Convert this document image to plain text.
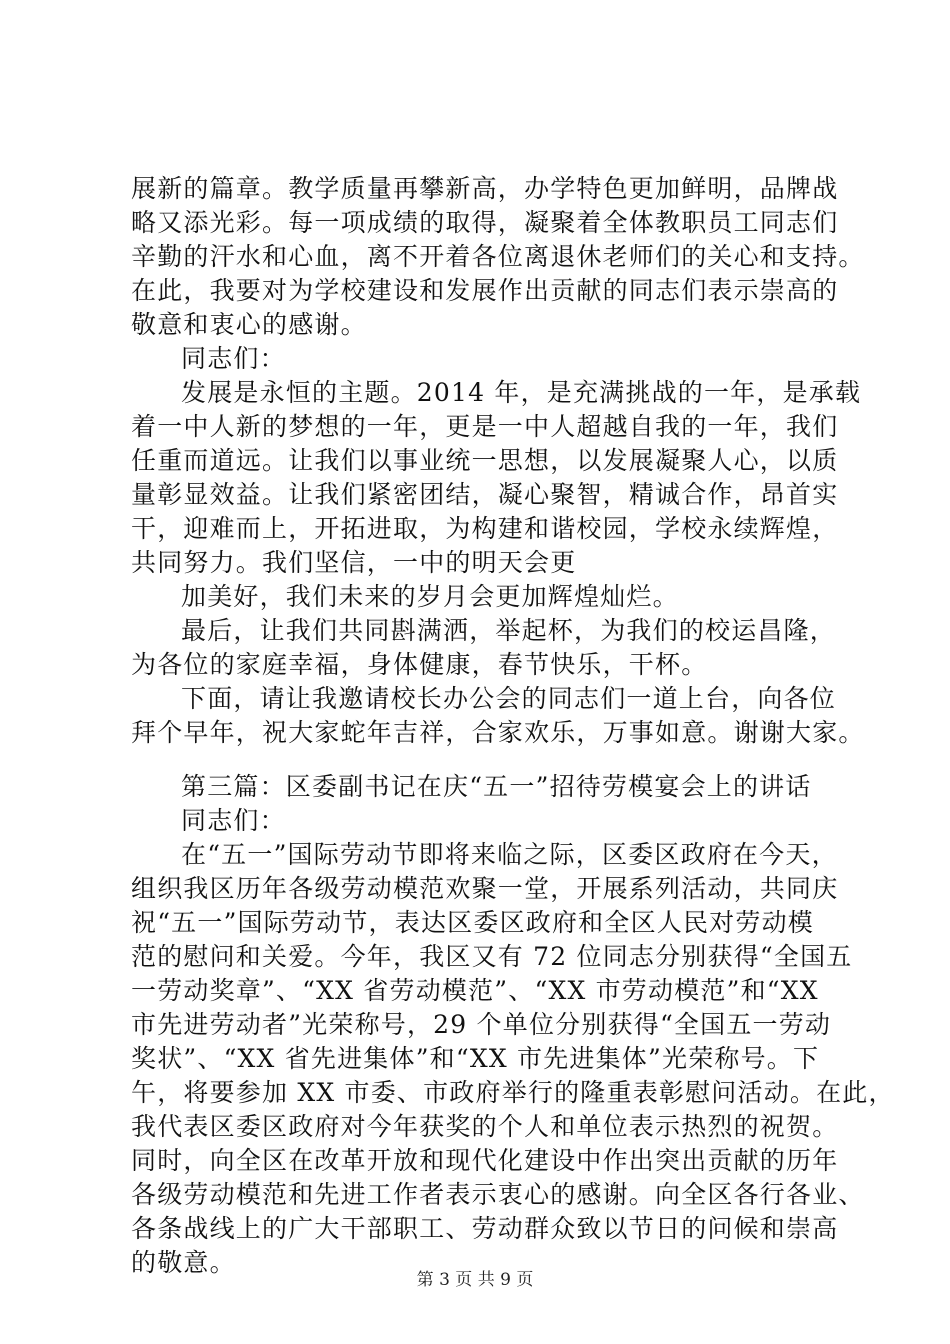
展新的篇章。教学质量再攀新高，办学特色更加鲜明，品牌战
略又添光彩。每一项成绩的取得，凝聚着全体教职员工同志们
辛勤的汗水和心血，离不开着各位离退休老师们的关心和支持。
在此，我要对为学校建设和发展作出贡献的同志们表示崇高的
敬意和衷心的感谢。
同志们：
发展是永恒的主题。2014 年，是充满挑战的一年，是承载
着一中人新的梦想的一年，更是一中人超越自我的一年，我们
任重而道远。让我们以事业统一思想，以发展凝聚人心，以质
量彰显效益。让我们紧密团结，凝心聚智，精诚合作，昂首实
干，迎难而上，开拓进取，为构建和谐校园，学校永续辉煌，
共同努力。我们坚信，一中的明天会更
加美好，我们未来的岁月会更加辉煌灿烂。
最后，让我们共同斟满洒，举起杯，为我们的校运昌隆，
为各位的家庭幸福，身体健康，春节快乐，干杯。
下面，请让我邀请校长办公会的同志们一道上台，向各位
拜个早年，祝大家蛇年吉祥，合家欢乐，万事如意。谢谢大家。
第三篇：区委副书记在庆“五一”招待劳模宴会上的讲话
同志们：
在“五一”国际劳动节即将来临之际，区委区政府在今天，
组织我区历年各级劳动模范欢聚一堂，开展系列活动，共同庆
祝“五一”国际劳动节，表达区委区政府和全区人民对劳动模
范的慰问和关爱。今年，我区又有 72 位同志分别获得“全国五
一劳动奖章”、“XX 省劳动模范”、“XX 市劳动模范”和“XX
市先进劳动者”光荣称号，29 个单位分别获得“全国五一劳动
奖状”、“XX 省先进集体”和“XX 市先进集体”光荣称号。下
午，将要参加 XX 市委、市政府举行的隆重表彰慰问活动。在此，
我代表区委区政府对今年获奖的个人和单位表示热烈的祝贺。
同时，向全区在改革开放和现代化建设中作出突出贡献的历年
各级劳动模范和先进工作者表示衷心的感谢。向全区各行各业、
各条战线上的广大干部职工、劳动群众致以节日的问候和崇高
的敬意。
第 3 页 共 9 页
